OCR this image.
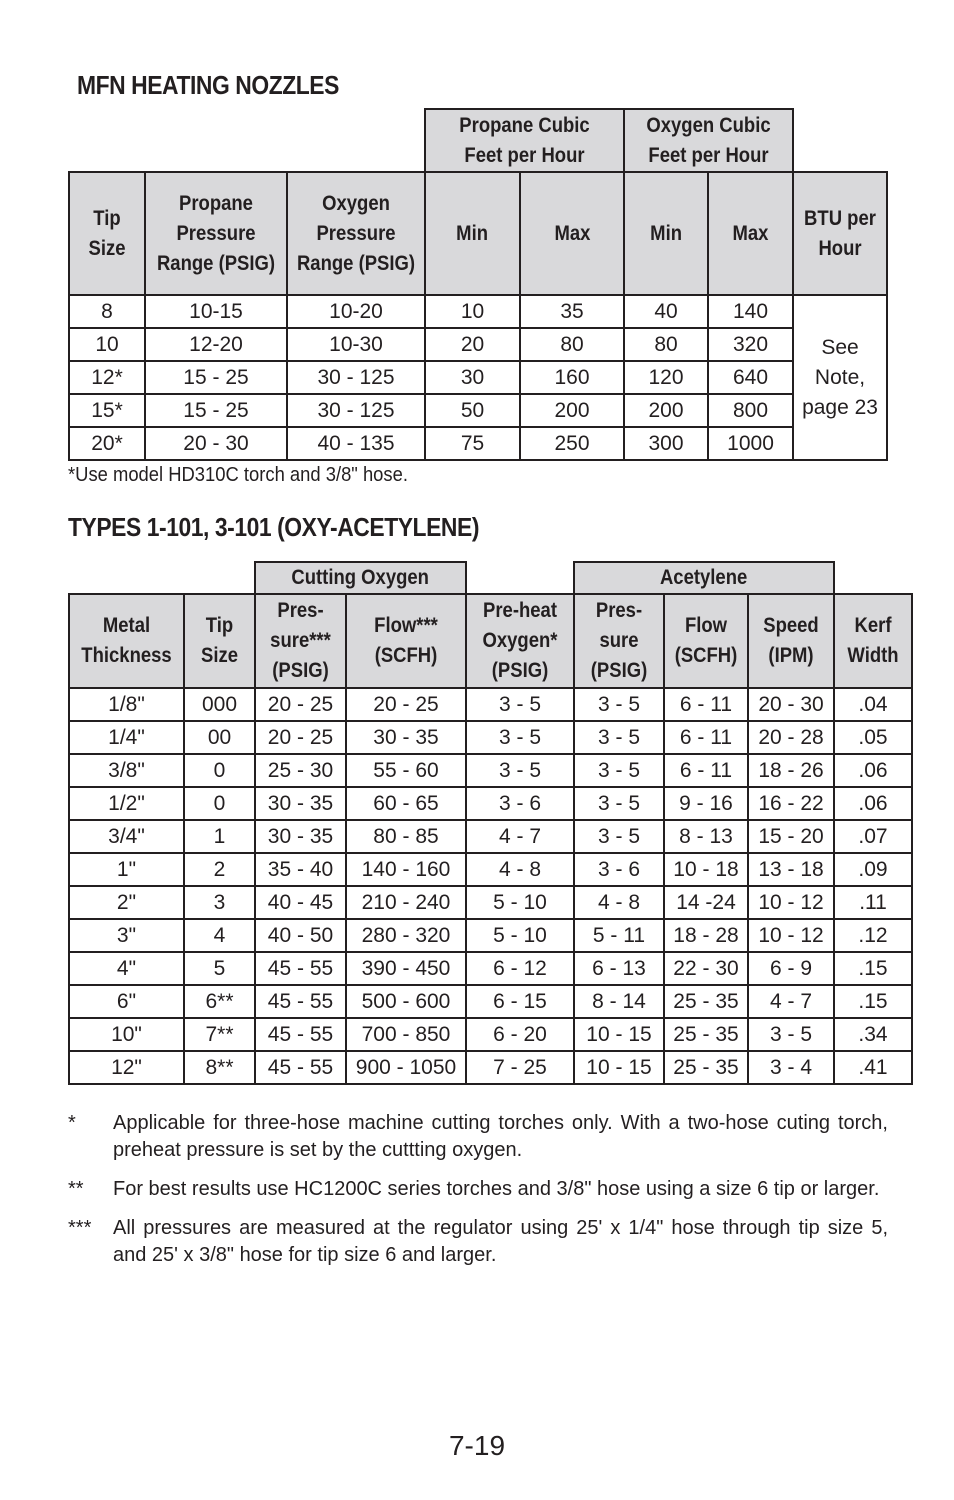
MFN HEATING NOZZLES
			Propane Cubic Feet per Hour		Oxygen Cubic Feet per Hour		
Tip Size	Propane Pressure Range (PSIG)	Oxygen Pressure Range (PSIG)	Min	Max	Min	Max	BTU per Hour
8	10-15	10-20	10	35	40	140	See Note, page 23
10	12-20	10-30	20	80	80	320	
12*	15 - 25	30 - 125	30	160	120	640	
15*	15 - 25	30 - 125	50	200	200	800	
20*	20 - 30	40 - 135	75	250	300	1000	
*Use model HD310C torch and 3/8" hose.
TYPES 1-101, 3-101 (OXY-ACETYLENE)
		Cutting Oxygen			Acetylene			
Metal Thickness	Tip Size	Pres- sure*** (PSIG)	Flow*** (SCFH)	Pre-heat Oxygen* (PSIG)	Pres- sure (PSIG)	Flow (SCFH)	Speed (IPM)	Kerf Width
1/8"	000	20 - 25	20 - 25	3 - 5	3 - 5	6 - 11	20 - 30	.04
1/4"	00	20 - 25	30 - 35	3 - 5	3 - 5	6 - 11	20 - 28	.05
3/8"	0	25 - 30	55 - 60	3 - 5	3 - 5	6 - 11	18 - 26	.06
1/2"	0	30 - 35	60 - 65	3 - 6	3 - 5	9 - 16	16 - 22	.06
3/4"	1	30 - 35	80 - 85	4 - 7	3 - 5	8 - 13	15 - 20	.07
1"	2	35 - 40	140 - 160	4 - 8	3 - 6	10 - 18	13 - 18	.09
2"	3	40 - 45	210 - 240	5 - 10	4 - 8	14 -24	10 - 12	.11
3"	4	40 - 50	280 - 320	5 - 10	5 - 11	18 - 28	10 - 12	.12
4"	5	45 - 55	390 - 450	6 - 12	6 - 13	22 - 30	6 - 9	.15
6"	6**	45 - 55	500 - 600	6 - 15	8 - 14	25 - 35	4 - 7	.15
10"	7**	45 - 55	700 - 850	6 - 20	10 - 15	25 - 35	3 - 5	.34
12"	8**	45 - 55	900 - 1050	7 - 25	10 - 15	25 - 35	3 - 4	.41
*	Applicable for three-hose machine cutting torches only. With a two-hose cuting torch, preheat pressure is set by the cuttting oxygen.
**	For best results use HC1200C series torches and 3/8" hose using a size 6 tip or larger.
***	All pressures are measured at the regulator using 25' x 1/4" hose through tip size 5, and 25' x 3/8" hose for tip size 6 and larger.
7-19
